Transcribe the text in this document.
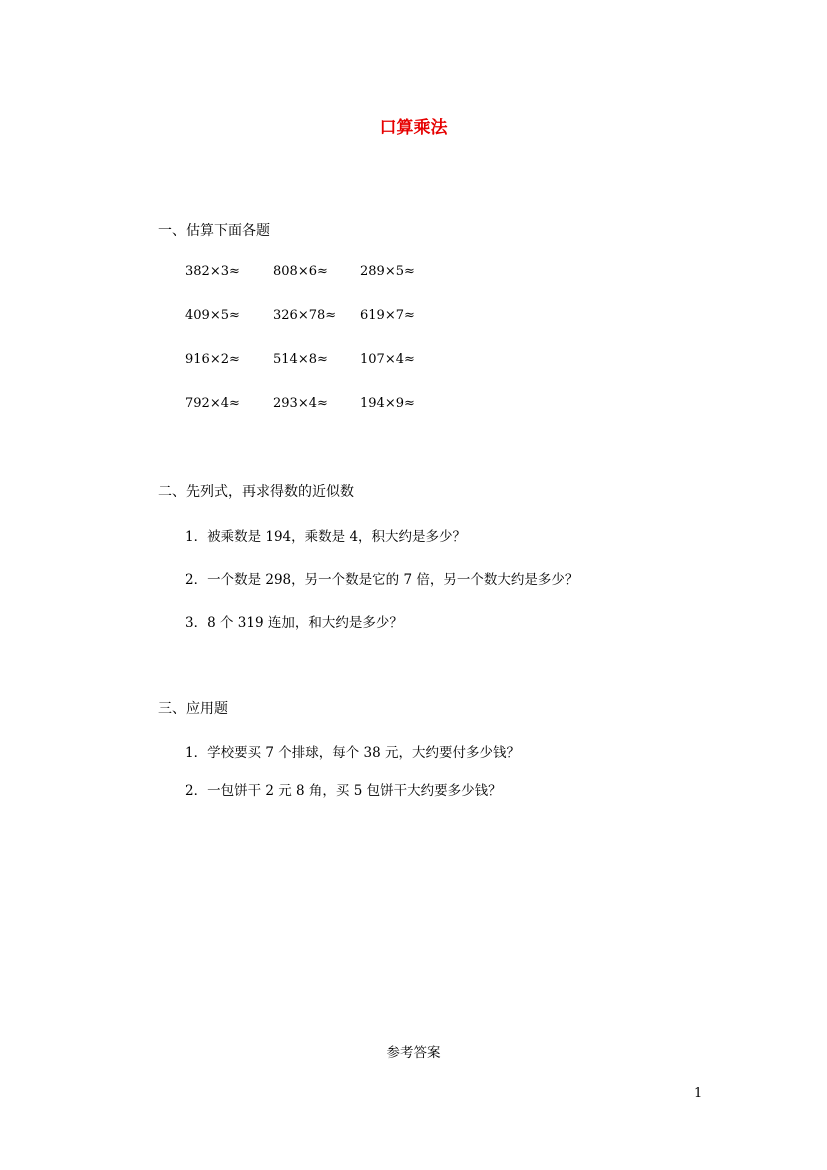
口算乘法
一、估算下面各题
382×3≈	808×6≈ 289×5≈
409×5≈	326×78≈ 619×7≈
916×2≈	514×8≈ 107×4≈
792×4≈	293×4≈ 194×9≈
二、先列式，再求得数的近似数
1．被乘数是 194，乘数是 4，积大约是多少？
2．一个数是 298，另一个数是它的 7 倍，另一个数大约是多少？
3．8 个 319 连加，和大约是多少？
三、应用题
1．学校要买 7 个排球，每个 38 元，大约要付多少钱？
2．一包饼干 2 元 8 角，买 5 包饼干大约要多少钱？
参考答案
1
